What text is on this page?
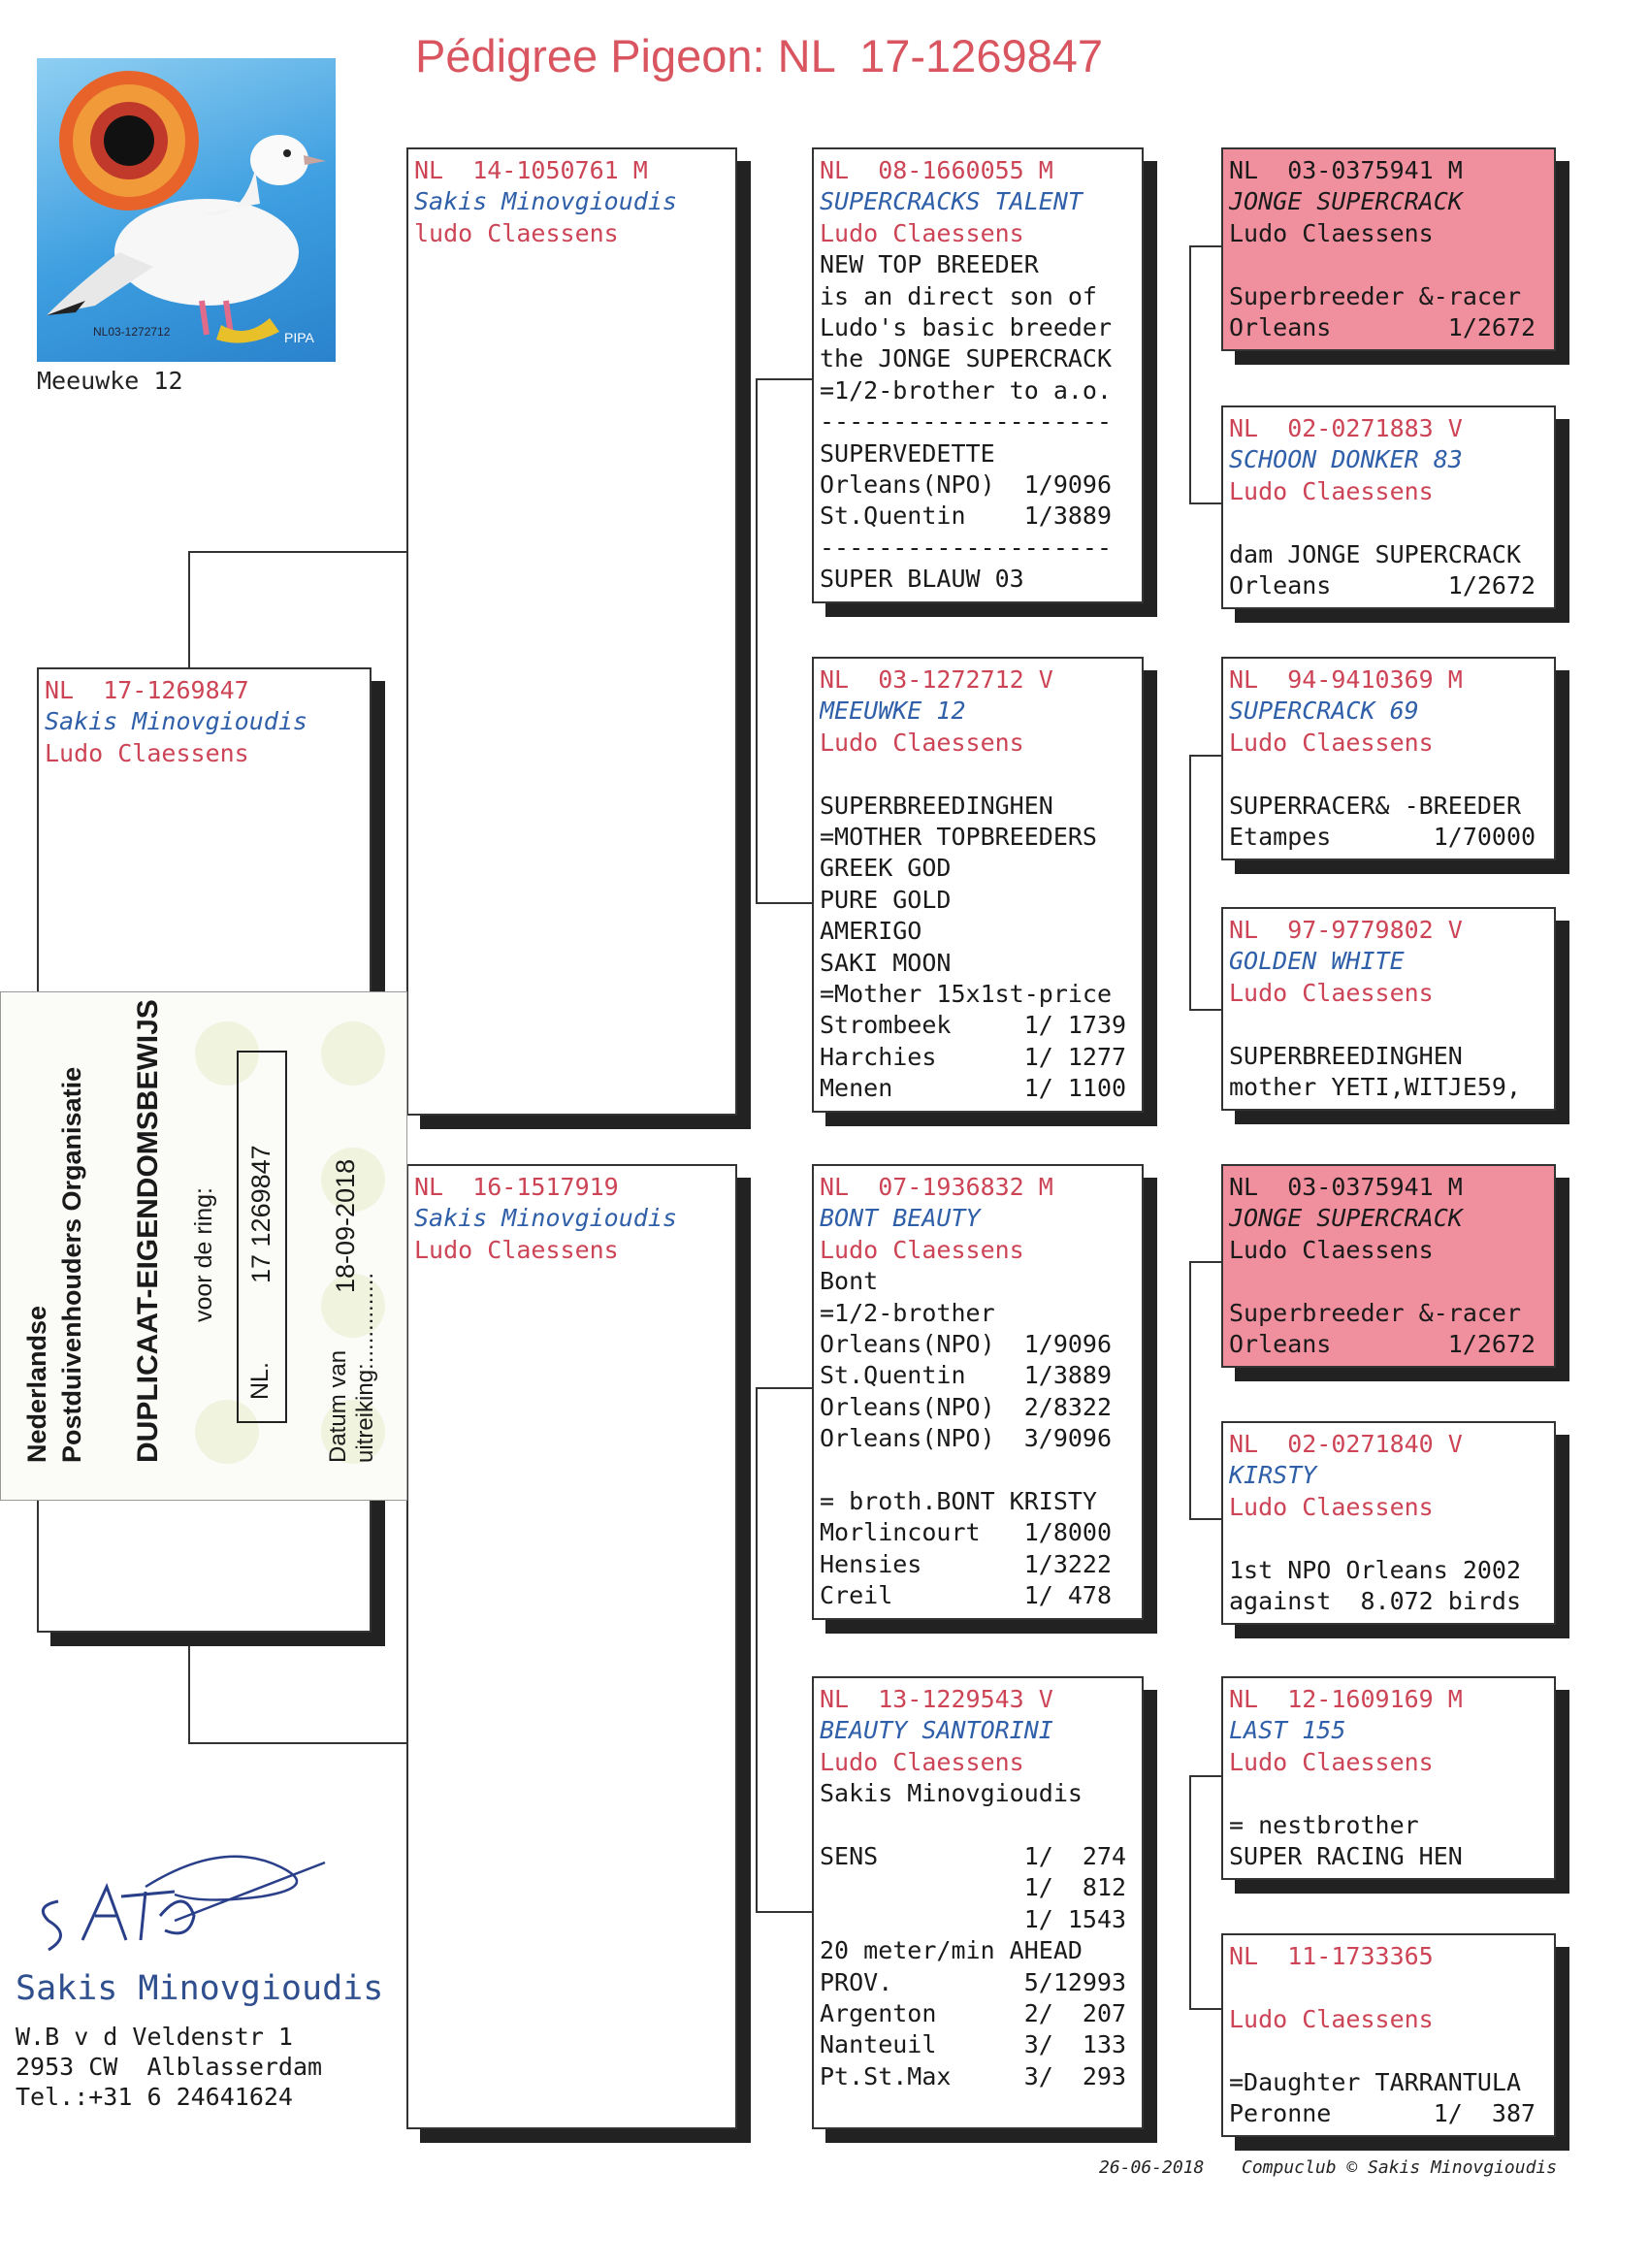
Pédigree Pigeon: NL  17-1269847
NL03-1272712	PIPA
Meeuwke 12
NL  17-1269847
Sakis Minovgioudis
Ludo Claessens
NL  14-1050761 M
Sakis Minovgioudis
ludo Claessens
NL  16-1517919
Sakis Minovgioudis
Ludo Claessens
NL  08-1660055 M
SUPERCRACKS TALENT
Ludo Claessens
NEW TOP BREEDER
is an direct son of
Ludo's basic breeder
the JONGE SUPERCRACK
=1/2-brother to a.o.
--------------------
SUPERVEDETTE
Orleans(NPO)  1/9096
St.Quentin    1/3889
--------------------
SUPER BLAUW 03
NL  03-1272712 V
MEEUWKE 12
Ludo Claessens
SUPERBREEDINGHEN
=MOTHER TOPBREEDERS
GREEK GOD
PURE GOLD
AMERIGO
SAKI MOON
=Mother 15x1st-price
Strombeek     1/ 1739
Harchies      1/ 1277
Menen         1/ 1100
NL  07-1936832 M
BONT BEAUTY
Ludo Claessens
Bont
=1/2-brother
Orleans(NPO)  1/9096
St.Quentin    1/3889
Orleans(NPO)  2/8322
Orleans(NPO)  3/9096
= broth.BONT KRISTY
Morlincourt   1/8000
Hensies       1/3222
Creil         1/ 478
NL  13-1229543 V
BEAUTY SANTORINI
Ludo Claessens
Sakis Minovgioudis
SENS          1/  274
1/  812
1/ 1543
20 meter/min AHEAD
PROV.         5/12993
Argenton      2/  207
Nanteuil      3/  133
Pt.St.Max     3/  293
NL  03-0375941 M
JONGE SUPERCRACK
Ludo Claessens
Superbreeder &-racer
Orleans        1/2672
NL  02-0271883 V
SCHOON DONKER 83
Ludo Claessens
dam JONGE SUPERCRACK
Orleans        1/2672
NL  94-9410369 M
SUPERCRACK 69
Ludo Claessens
SUPERRACER& -BREEDER
Etampes       1/70000
NL  97-9779802 V
GOLDEN WHITE
Ludo Claessens
SUPERBREEDINGHEN
mother YETI,WITJE59,
NL  03-0375941 M
JONGE SUPERCRACK
Ludo Claessens
Superbreeder &-racer
Orleans        1/2672
NL  02-0271840 V
KIRSTY
Ludo Claessens
1st NPO Orleans 2002
against  8.072 birds
NL  12-1609169 M
LAST 155
Ludo Claessens
= nestbrother
SUPER RACING HEN
NL  11-1733365
Ludo Claessens
=Daughter TARRANTULA
Peronne       1/  387
Nederlandse Postduivenhouders Organisatie DUPLICAAT-EIGENDOMSBEWIJS voor de ring:
NL.
17 1269847
Datum van uitreiking:..............
18-09-2018
Sakis Minovgioudis
W.B v d Veldenstr 1
2953 CW  Alblasserdam
Tel.:+31 6 24641624
26-06-2018 Compuclub © Sakis Minovgioudis
